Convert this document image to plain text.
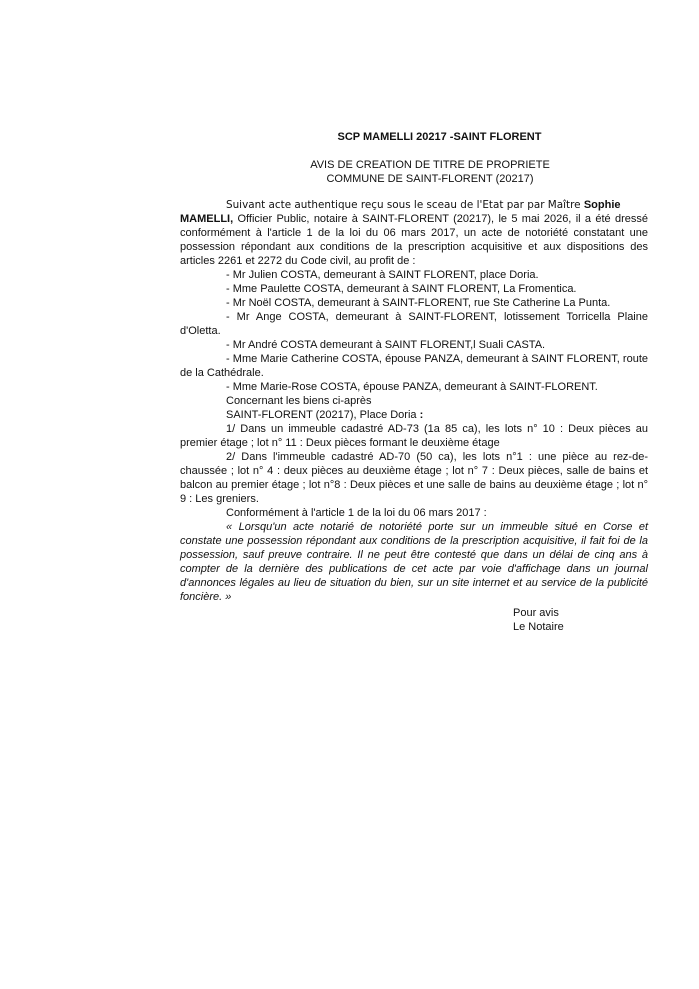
SCP MAMELLI 20217 -SAINT FLORENT
AVIS DE CREATION DE TITRE DE PROPRIETE
COMMUNE DE SAINT-FLORENT (20217)

Suivant acte authentique reçu sous le sceau de l'Etat par par Maître Sophie
MAMELLI, Officier Public, notaire à SAINT-FLORENT (20217), le 5 mai 2026, il a été dressé conformément à l'article 1 de la loi du 06 mars 2017, un acte de notoriété constatant une possession répondant aux conditions de la prescription acquisitive et aux dispositions des articles 2261 et 2272 du Code civil, au profit de :

- Mr Julien COSTA, demeurant à SAINT FLORENT, place Doria.

- Mme Paulette COSTA, demeurant à SAINT FLORENT, La Fromentica.

- Mr Noël COSTA, demeurant à SAINT-FLORENT, rue Ste Catherine La Punta.

- Mr Ange COSTA, demeurant à SAINT-FLORENT, lotissement Torricella Plaine d'Oletta.

- Mr André COSTA demeurant à SAINT FLORENT,l Suali CASTA.

- Mme Marie Catherine COSTA, épouse PANZA, demeurant à SAINT FLORENT, route de la Cathédrale.

- Mme Marie-Rose COSTA, épouse PANZA, demeurant à SAINT-FLORENT.

Concernant les biens ci-après

SAINT-FLORENT (20217), Place Doria :

1/ Dans un immeuble cadastré AD-73 (1a 85 ca), les lots n° 10 : Deux pièces au premier étage ; lot n° 11 : Deux pièces formant le deuxième étage

2/ Dans l'immeuble cadastré AD-70 (50 ca), les lots n°1 : une pièce au rez-de-chaussée ; lot n° 4 : deux pièces au deuxième étage ; lot n° 7 : Deux pièces, salle de bains et balcon au premier étage ; lot n°8 : Deux pièces et une salle de bains au deuxième étage ; lot n° 9 : Les greniers.

Conformément à l'article 1 de la loi du 06 mars 2017 :

« Lorsqu'un acte notarié de notoriété porte sur un immeuble situé en Corse et constate une possession répondant aux conditions de la prescription acquisitive, il fait foi de la possession, sauf preuve contraire. Il ne peut être contesté que dans un délai de cinq ans à compter de la dernière des publications de cet acte par voie d'affichage dans un journal d'annonces légales au lieu de situation du bien, sur un site internet et au service de la publicité foncière. »

Pour avis
Le Notaire
